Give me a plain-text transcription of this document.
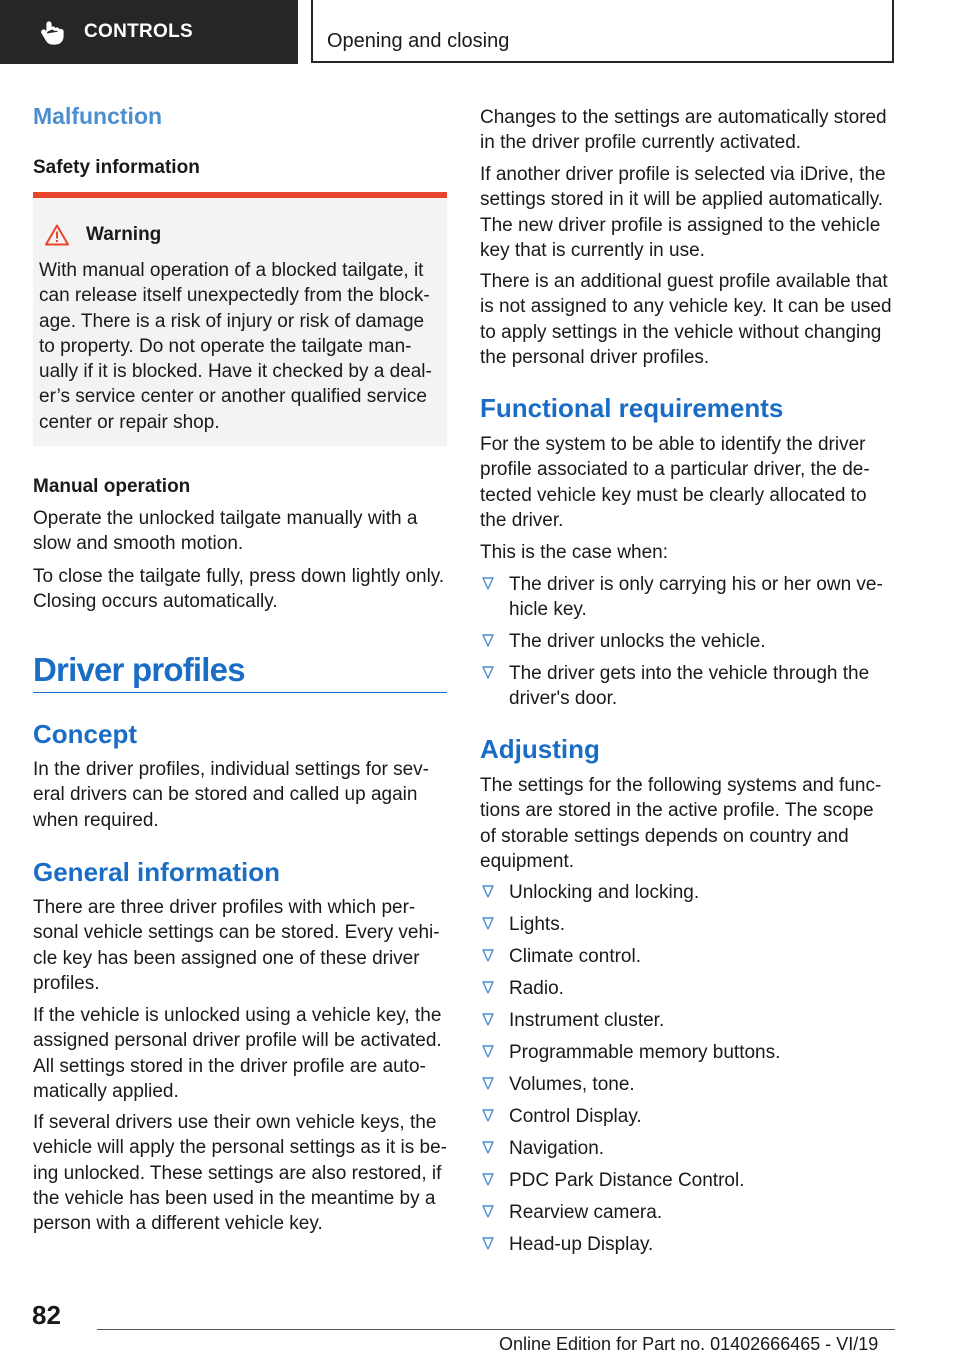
CONTROLS	Opening and closing
Malfunction
Safety information
Warning
With manual operation of a blocked tailgate, it can release itself unexpectedly from the block‐age. There is a risk of injury or risk of damage to property. Do not operate the tailgate man‐ually if it is blocked. Have it checked by a deal‐er’s service center or another qualified service center or repair shop.
Manual operation

Operate the unlocked tailgate manually with a slow and smooth motion.

To close the tailgate fully, press down lightly only. Closing occurs automatically.

Driver profiles
Concept

In the driver profiles, individual settings for sev‐eral drivers can be stored and called up again when required.

General information

There are three driver profiles with which per‐sonal vehicle settings can be stored. Every vehi‐cle key has been assigned one of these driver profiles.

If the vehicle is unlocked using a vehicle key, the assigned personal driver profile will be activated. All settings stored in the driver profile are auto‐matically applied.

If several drivers use their own vehicle keys, the vehicle will apply the personal settings as it is be‐ing unlocked. These settings are also restored, if the vehicle has been used in the meantime by a person with a different vehicle key.

Changes to the settings are automatically stored in the driver profile currently activated.

If another driver profile is selected via iDrive, the settings stored in it will be applied automatically. The new driver profile is assigned to the vehicle key that is currently in use.

There is an additional guest profile available that is not assigned to any vehicle key. It can be used to apply settings in the vehicle without changing the personal driver profiles.

Functional requirements

For the system to be able to identify the driver profile associated to a particular driver, the de‐tected vehicle key must be clearly allocated to the driver.

This is the case when:

The driver is only carrying his or her own ve‐hicle key.
The driver unlocks the vehicle.
The driver gets into the vehicle through the driver's door.
Adjusting

The settings for the following systems and func‐tions are stored in the active profile. The scope of storable settings depends on country and equipment.

Unlocking and locking.
Lights.
Climate control.
Radio.
Instrument cluster.
Programmable memory buttons.
Volumes, tone.
Control Display.
Navigation.
PDC Park Distance Control.
Rearview camera.
Head-up Display.
82
Online Edition for Part no. 01402666465 - VI/19
